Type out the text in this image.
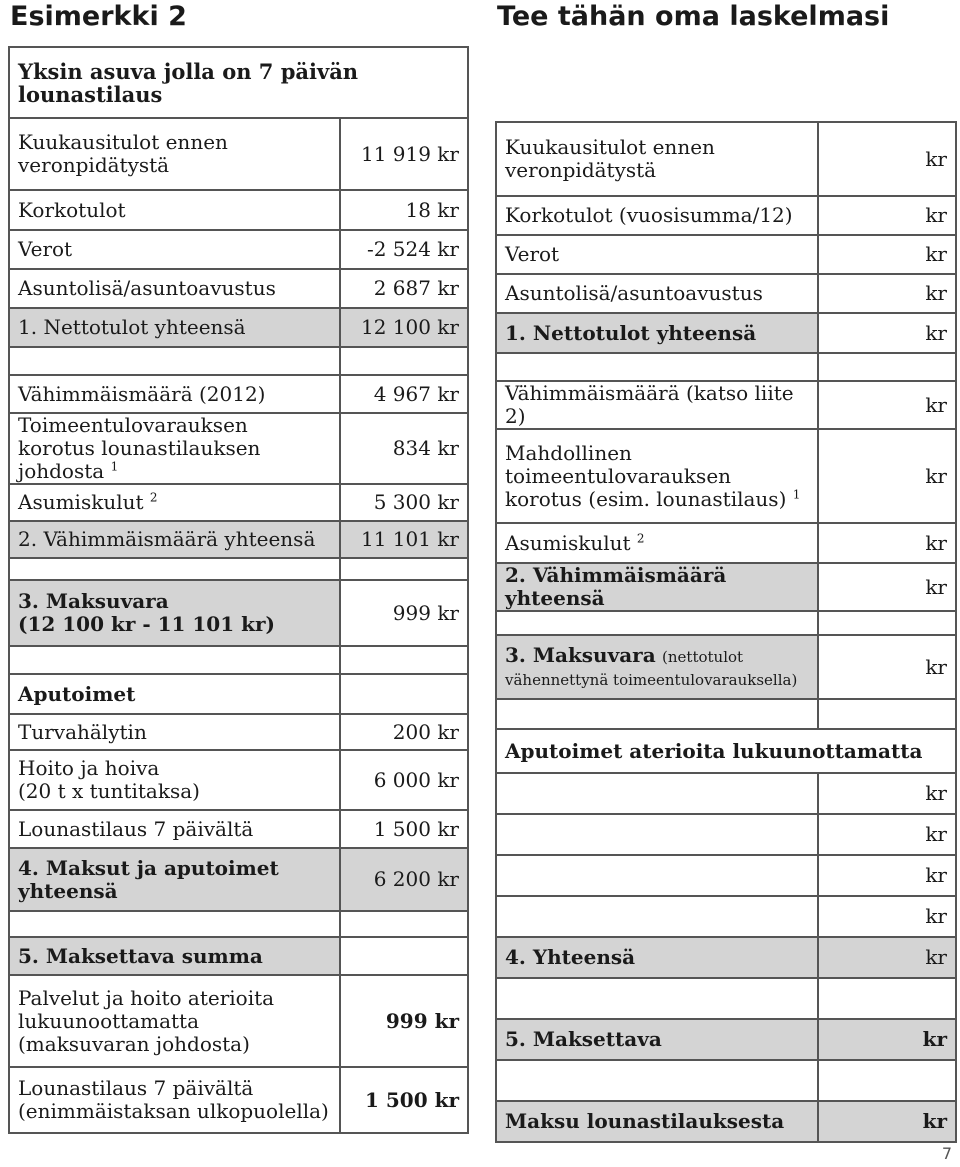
Esimerkki 2
Yksin asuva jolla on 7 päivän lounastilaus	
Kuukausitulot ennen veronpidätystä	11 919 kr
Korkotulot	18 kr
Verot	-2 524 kr
Asuntolisä/asuntoavustus	2 687 kr
1. Nettotulot yhteensä	12 100 kr

Vähimmäismäärä (2012)	4 967 kr
Toimeentulovarauksen korotus lounastilauksen johdosta $^1$	834 kr
Asumiskulut $^2$	5 300 kr
2. Vähimmäismäärä yhteensä	11 101 kr

3. Maksuvara
(12 100 kr - 11 101 kr)	999 kr

Aputoimet	
Turvahälytin	200 kr

Hoito ja hoiva
(20 t x tuntitaksa)	6 000 kr
Lounastilaus 7 päivältä	1 500 kr
4. Maksut ja aputoimet yhteensä	6 200 kr

5. Maksettava summa	
Palvelut ja hoito aterioita lukuunoottamatta (maksuvaran johdosta)	999 kr
Lounastilaus 7 päivältä (enimmäistaksan ulkopuolella)	1 500 kr
Tee tähän oma laskelmasi
Kuukausitulot ennen veronpidätystä	kr
Korkotulot (vuosisumma/12)	kr
Verot	kr
Asuntolisä/asuntoavustus	kr
1. Nettotulot yhteensä	kr

Vähimmäismäärä (katso liite 2)	kr
Mahdollinen toimeentulovarauksen korotus (esim. lounastilaus) $^1$	kr
Asumiskulut $^2$	kr
2. Vähimmäismäärä yhteensä	kr

3. Maksuvara (nettotulot vähennettynä toimeentulovarauksella)	kr

Aputoimet aterioita lukuunottamatta	
	kr
	kr
	kr
	kr
4. Yhteensä	kr

5. Maksettava	kr

Maksu lounastilauksesta	kr
7
